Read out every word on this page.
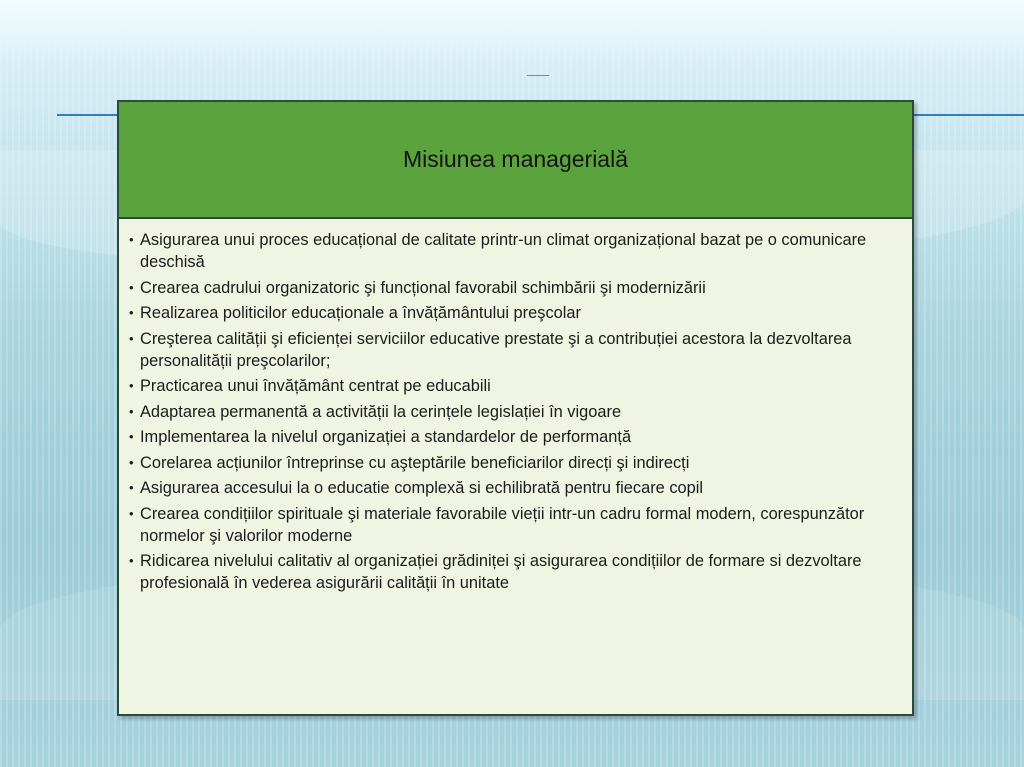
Misiunea managerială
• Asigurarea unui proces educațional de calitate printr-un climat organizațional bazat pe o comunicare deschisă
• Crearea cadrului organizatoric şi funcțional favorabil schimbării şi modernizării
• Realizarea politicilor educaționale a învățământului preşcolar
• Creşterea calității şi eficienței serviciilor educative prestate şi a contribuției acestora la dezvoltarea personalității preşcolarilor;
• Practicarea unui învățământ centrat pe educabili
• Adaptarea permanentă a activității la cerințele legislației în vigoare
• Implementarea la nivelul organizației a standardelor de performanță
• Corelarea acțiunilor întreprinse cu aşteptările beneficiarilor direcți şi indirecți
• Asigurarea accesului la o educatie complexă si echilibrată pentru fiecare copil
• Crearea condițiilor spirituale şi materiale favorabile vieții intr-un cadru formal modern, corespunzător normelor şi valorilor moderne
• Ridicarea nivelului calitativ al organizației grădiniței şi asigurarea condițiilor de formare si dezvoltare profesională în vederea asigurării calității în unitate
